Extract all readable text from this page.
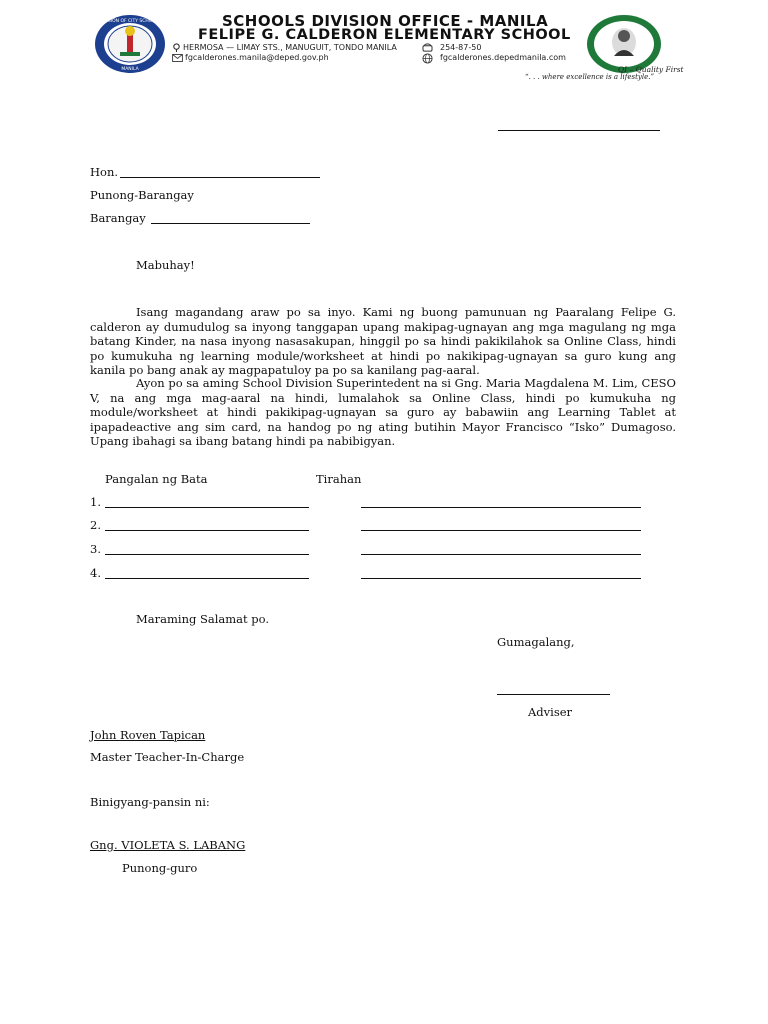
DIVISION OF CITY SCHOOLS
MANILA
SCHOOLS DIVISION OFFICE - MANILA
FELIPE G. CALDERON ELEMENTARY SCHOOL
HERMOSA — LIMAY STS., MANUGUIT, TONDO MANILA	254-87-50
fgcalderones.manila@deped.gov.ph	fgcalderones.depedmanila.com
QI – Quality First
“. . . where excellence is a lifestyle.”
Hon.
Punong-Barangay
Barangay
Mabuhay!
Isang magandang araw po sa inyo. Kami ng buong pamunuan ng Paaralang Felipe G. calderon ay dumudulog sa inyong tanggapan upang makipag-ugnayan ang mga magulang ng mga batang Kinder, na nasa inyong nasasakupan, hinggil po sa hindi pakikilahok sa Online Class, hindi po kumukuha ng learning module/worksheet at hindi po nakikipag-ugnayan sa guro kung ang kanila po bang anak ay magpapatuloy pa po sa kanilang pag-aaral.
Ayon po sa aming School Division Superintedent na si Gng. Maria Magdalena M. Lim, CESO V, na ang mga mag-aaral na hindi, lumalahok sa Online Class, hindi po kumukuha ng module/worksheet at hindi pakikipag-ugnayan sa guro ay babawiin ang Learning Tablet at ipapadeactive ang sim card, na handog po ng ating butihin Mayor Francisco “Isko” Dumagoso. Upang ibahagi sa ibang batang hindi pa nabibigyan.
Pangalan ng Bata	Tirahan
1.
2.
3.
4.
Maraming Salamat po.
Gumagalang,
Adviser
John Roven Tapican
Master Teacher-In-Charge
Binigyang-pansin ni:
Gng. VIOLETA S. LABANG
Punong-guro
